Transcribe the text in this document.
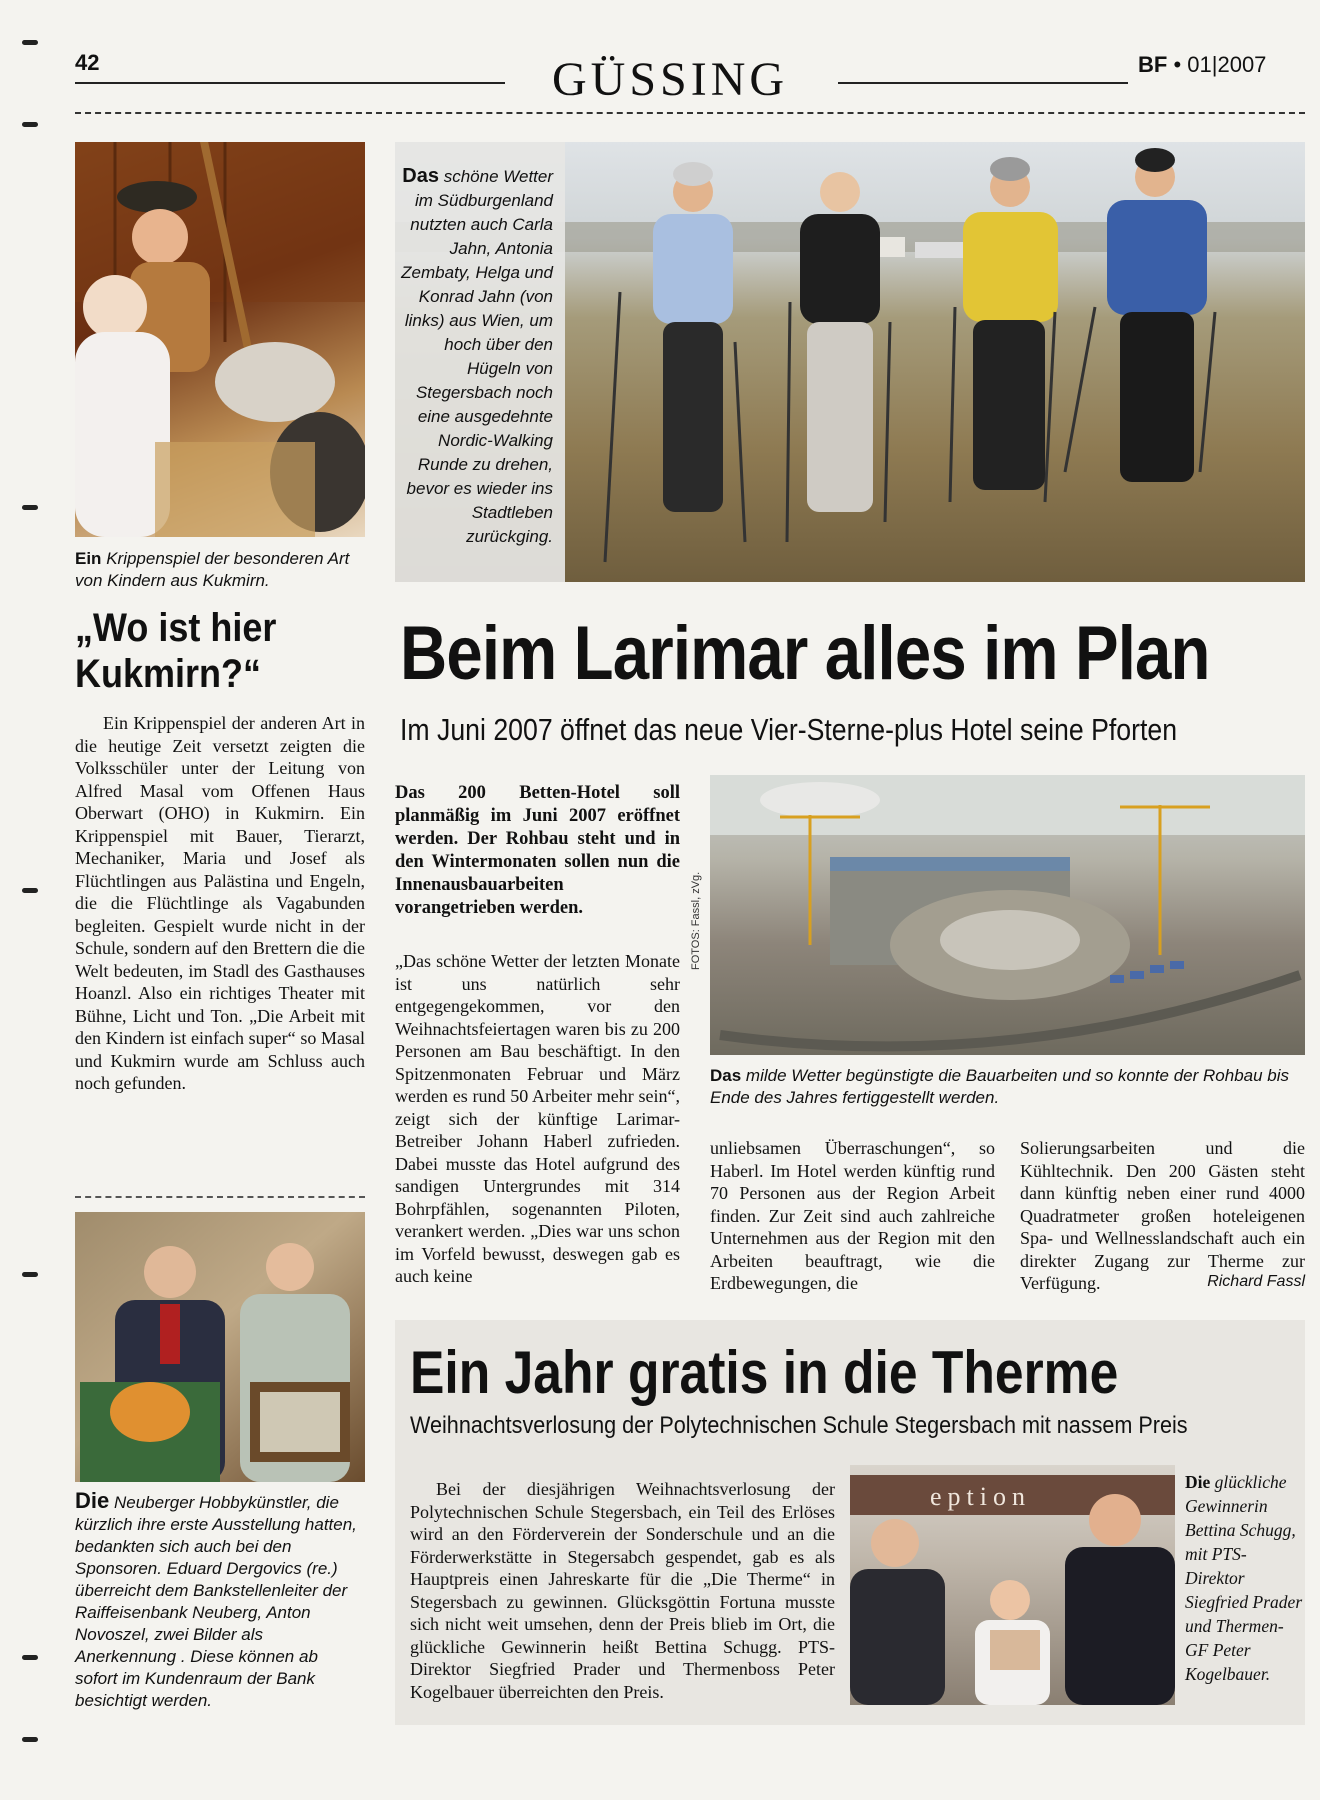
42	GÜSSING	BF • 01|2007
Ein Krippenspiel der besonderen Art von Kindern aus Kukmirn.
Das schöne Wetter im Südburgenland nutzten auch Carla Jahn, Antonia Zembaty, Helga und Konrad Jahn (von links) aus Wien, um hoch über den Hügeln von Stegersbach noch eine ausgedehnte Nordic-Walking Runde zu drehen, bevor es wieder ins Stadtleben zurückging.
„Wo ist hier Kukmirn?“
Ein Krippenspiel der anderen Art in die heutige Zeit versetzt zeigten die Volksschüler unter der Leitung von Alfred Masal vom Offenen Haus Oberwart (OHO) in Kukmirn. Ein Krippenspiel mit Bauer, Tierarzt, Mechaniker, Maria und Josef als Flüchtlingen aus Palästina und Engeln, die die Flüchtlinge als Vagabunden begleiten. Gespielt wurde nicht in der Schule, sondern auf den Brettern die die Welt bedeuten, im Stadl des Gasthauses Hoanzl. Also ein richtiges Theater mit Bühne, Licht und Ton. „Die Arbeit mit den Kindern ist einfach super“ so Masal und Kukmirn wurde am Schluss auch noch gefunden.
Beim Larimar alles im Plan
Im Juni 2007 öffnet das neue Vier-Sterne-plus Hotel seine Pforten
Das 200 Betten-Hotel soll planmäßig im Juni 2007 eröffnet werden. Der Rohbau steht und in den Wintermonaten sollen nun die Innenausbauarbeiten vorangetrieben werden.
„Das schöne Wetter der letzten Monate ist uns natürlich sehr entgegengekommen, vor den Weihnachtsfeiertagen waren bis zu 200 Personen am Bau beschäftigt. In den Spitzenmonaten Februar und März werden es rund 50 Arbeiter mehr sein“, zeigt sich der künftige Larimar-Betreiber Johann Haberl zufrieden. Dabei musste das Hotel aufgrund des sandigen Untergrundes mit 314 Bohrpfählen, sogenannten Piloten, verankert werden. „Dies war uns schon im Vorfeld bewusst, deswegen gab es auch keine
FOTOS: Fassl, zVg.
Das milde Wetter begünstigte die Bauarbeiten und so konnte der Rohbau bis Ende des Jahres fertiggestellt werden.
unliebsamen Überraschungen“, so Haberl. Im Hotel werden künftig rund 70 Personen aus der Region Arbeit finden. Zur Zeit sind auch zahlreiche Unternehmen aus der Region mit den Arbeiten beauftragt, wie die Erdbewegungen, die
Solierungsarbeiten und die Kühltechnik. Den 200 Gästen steht dann künftig neben einer rund 4000 Quadratmeter großen hoteleigenen Spa- und Wellnesslandschaft auch ein direkter Zugang zur Therme zur Verfügung.	Richard Fassl
Die Neuberger Hobbykünstler, die kürzlich ihre erste Ausstellung hatten, bedankten sich auch bei den Sponsoren. Eduard Dergovics (re.) überreicht dem Bankstellenleiter der Raiffeisenbank Neuberg, Anton Novoszel, zwei Bilder als Anerkennung . Diese können ab sofort im Kundenraum der Bank besichtigt werden.
Ein Jahr gratis in die Therme
Weihnachtsverlosung der Polytechnischen Schule Stegersbach mit nassem Preis
Bei der diesjährigen Weihnachtsverlosung der Polytechnischen Schule Stegersbach, ein Teil des Erlöses wird an den Förderverein der Sonderschule und an die Förderwerkstätte in Stegersabch gespendet, gab es als Hauptpreis einen Jahreskarte für die „Die Therme“ in Stegersbach zu gewinnen. Glücksgöttin Fortuna musste sich nicht weit umsehen, denn der Preis blieb im Ort, die glückliche Gewinnerin heißt Bettina Schugg. PTS-Direktor Siegfried Prader und Thermenboss Peter Kogelbauer überreichten den Preis.
eption	Die glückliche Gewinnerin Bettina Schugg, mit PTS-Direktor Siegfried Prader und Thermen-GF Peter Kogelbauer.
